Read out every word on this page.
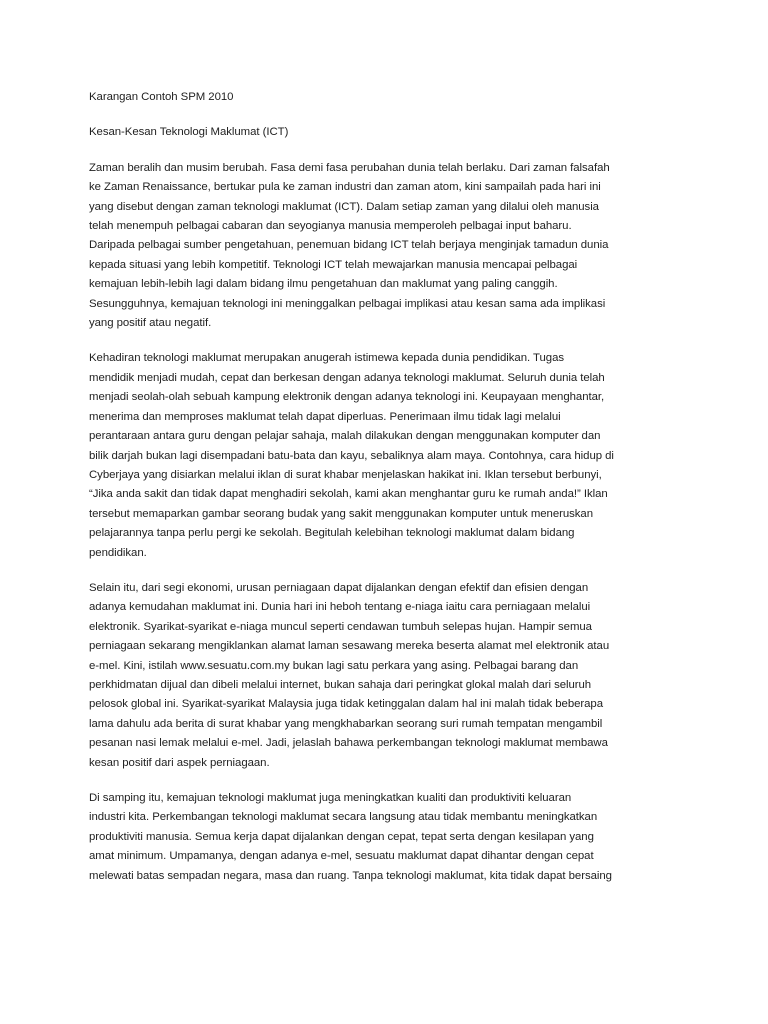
Karangan Contoh SPM 2010
Kesan-Kesan Teknologi Maklumat (ICT)
Zaman beralih dan musim berubah. Fasa demi fasa perubahan dunia telah berlaku. Dari zaman falsafah
ke Zaman Renaissance, bertukar pula ke zaman industri dan zaman atom, kini sampailah pada hari ini
yang disebut dengan zaman teknologi maklumat (ICT). Dalam setiap zaman yang dilalui oleh manusia
telah menempuh pelbagai cabaran dan seyogianya manusia memperoleh pelbagai input baharu.
Daripada pelbagai sumber pengetahuan, penemuan bidang ICT telah berjaya menginjak tamadun dunia
kepada situasi yang lebih kompetitif. Teknologi ICT telah mewajarkan manusia mencapai pelbagai
kemajuan lebih-lebih lagi dalam bidang ilmu pengetahuan dan maklumat yang paling canggih.
Sesungguhnya, kemajuan teknologi ini meninggalkan pelbagai implikasi atau kesan sama ada implikasi
yang positif atau negatif.
Kehadiran teknologi maklumat merupakan anugerah istimewa kepada dunia pendidikan. Tugas
mendidik menjadi mudah, cepat dan berkesan dengan adanya teknologi maklumat. Seluruh dunia telah
menjadi seolah-olah sebuah kampung elektronik dengan adanya teknologi ini. Keupayaan menghantar,
menerima dan memproses maklumat telah dapat diperluas. Penerimaan ilmu tidak lagi melalui
perantaraan antara guru dengan pelajar sahaja, malah dilakukan dengan menggunakan komputer dan
bilik darjah bukan lagi disempadani batu-bata dan kayu, sebaliknya alam maya. Contohnya, cara hidup di
Cyberjaya yang disiarkan melalui iklan di surat khabar menjelaskan hakikat ini. Iklan tersebut berbunyi,
“Jika anda sakit dan tidak dapat menghadiri sekolah, kami akan menghantar guru ke rumah anda!” Iklan
tersebut memaparkan gambar seorang budak yang sakit menggunakan komputer untuk meneruskan
pelajarannya tanpa perlu pergi ke sekolah. Begitulah kelebihan teknologi maklumat dalam bidang
pendidikan.
Selain itu, dari segi ekonomi, urusan perniagaan dapat dijalankan dengan efektif dan efisien dengan
adanya kemudahan maklumat ini. Dunia hari ini heboh tentang e-niaga iaitu cara perniagaan melalui
elektronik. Syarikat-syarikat e-niaga muncul seperti cendawan tumbuh selepas hujan. Hampir semua
perniagaan sekarang mengiklankan alamat laman sesawang mereka beserta alamat mel elektronik atau
e-mel. Kini, istilah www.sesuatu.com.my bukan lagi satu perkara yang asing. Pelbagai barang dan
perkhidmatan dijual dan dibeli melalui internet, bukan sahaja dari peringkat glokal malah dari seluruh
pelosok global ini. Syarikat-syarikat Malaysia juga tidak ketinggalan dalam hal ini malah tidak beberapa
lama dahulu ada berita di surat khabar yang mengkhabarkan seorang suri rumah tempatan mengambil
pesanan nasi lemak melalui e-mel. Jadi, jelaslah bahawa perkembangan teknologi maklumat membawa
kesan positif dari aspek perniagaan.
Di samping itu, kemajuan teknologi maklumat juga meningkatkan kualiti dan produktiviti keluaran
industri kita. Perkembangan teknologi maklumat secara langsung atau tidak membantu meningkatkan
produktiviti manusia. Semua kerja dapat dijalankan dengan cepat, tepat serta dengan kesilapan yang
amat minimum. Umpamanya, dengan adanya e-mel, sesuatu maklumat dapat dihantar dengan cepat
melewati batas sempadan negara, masa dan ruang. Tanpa teknologi maklumat, kita tidak dapat bersaing
